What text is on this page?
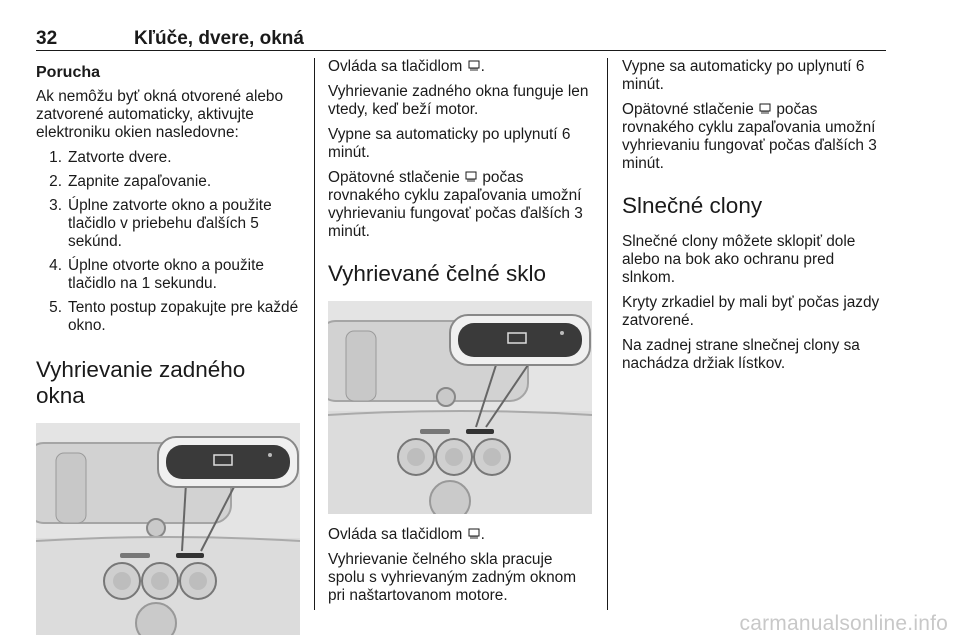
32	Kľúče, dvere, okná

Porucha

Ak nemôžu byť okná otvorené alebo zatvorené automaticky, aktivujte elektroniku okien nasledovne:

1. Zatvorte dvere.
2. Zapnite zapaľovanie.
3. Úplne zatvorte okno a použite tlačidlo v priebehu ďalších 5 sekúnd.
4. Úplne otvorte okno a použite tlačidlo na 1 sekundu.
5. Tento postup zopakujte pre každé okno.

Vyhrievanie zadného okna

Ovláda sa tlačidlom .

Vyhrievanie zadného okna funguje len vtedy, keď beží motor.

Vypne sa automaticky po uplynutí 6 minút.

Opätovné stlačenie  počas rovnakého cyklu zapaľovania umožní vyhrievaniu fungovať počas ďalších 3 minút.

Vyhrievané čelné sklo

Ovláda sa tlačidlom .

Vyhrievanie čelného skla pracuje spolu s vyhrievaným zadným oknom pri naštartovanom motore.

Vypne sa automaticky po uplynutí 6 minút.

Opätovné stlačenie  počas rovnakého cyklu zapaľovania umožní vyhrievaniu fungovať počas ďalších 3 minút.

Slnečné clony

Slnečné clony môžete sklopiť dole alebo na bok ako ochranu pred slnkom.

Kryty zrkadiel by mali byť počas jazdy zatvorené.

Na zadnej strane slnečnej clony sa nachádza držiak lístkov.

carmanualsonline.info
